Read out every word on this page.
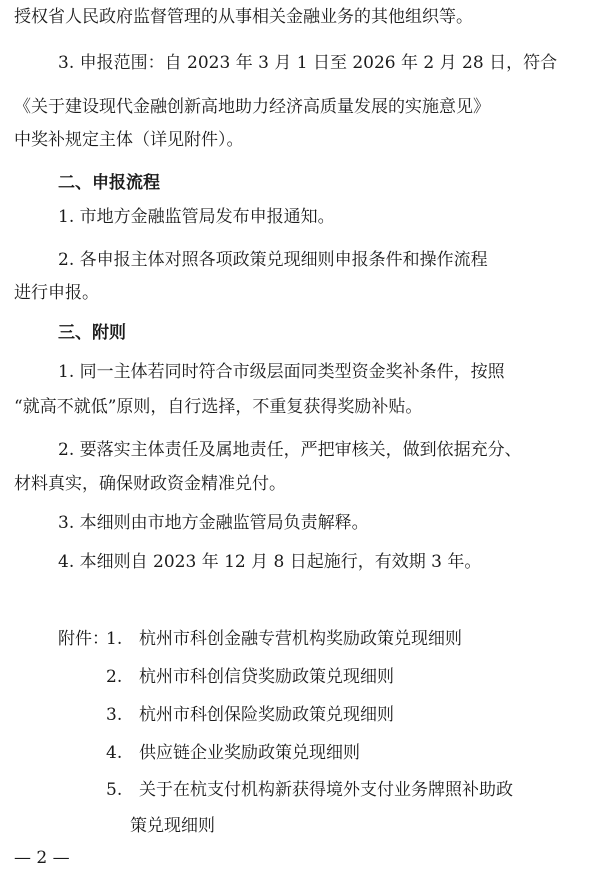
授权省人民政府监督管理的从事相关金融业务的其他组织等。
3. 申报范围：自 2023 年 3 月 1 日至 2026 年 2 月 28 日，符合
《关于建设现代金融创新高地助力经济高质量发展的实施意见》
中奖补规定主体（详见附件）。
二、申报流程
1. 市地方金融监管局发布申报通知。
2. 各申报主体对照各项政策兑现细则申报条件和操作流程
进行申报。
三、附则
1. 同一主体若同时符合市级层面同类型资金奖补条件，按照
“就高不就低”原则，自行选择，不重复获得奖励补贴。
2. 要落实主体责任及属地责任，严把审核关，做到依据充分、
材料真实，确保财政资金精准兑付。
3. 本细则由市地方金融监管局负责解释。
4. 本细则自 2023 年 12 月 8 日起施行，有效期 3 年。
附件：
1. 杭州市科创金融专营机构奖励政策兑现细则
2. 杭州市科创信贷奖励政策兑现细则
3. 杭州市科创保险奖励政策兑现细则
4. 供应链企业奖励政策兑现细则
5. 关于在杭支付机构新获得境外支付业务牌照补助政
策兑现细则
— 2 —
